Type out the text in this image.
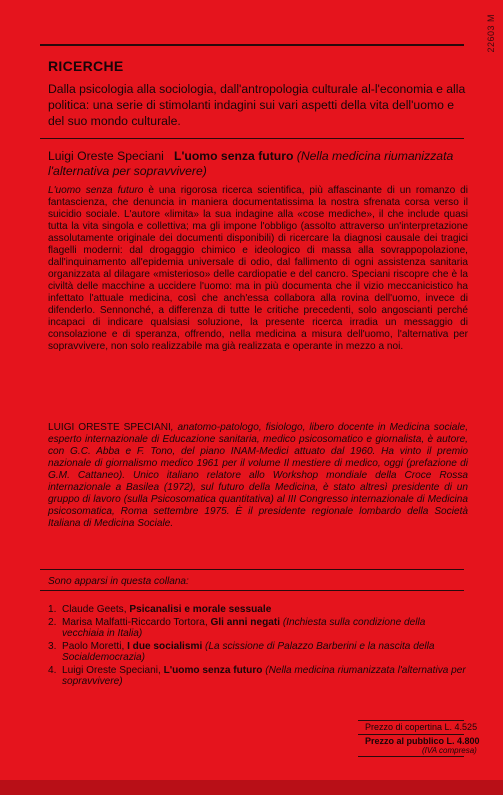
22603 M
RICERCHE
Dalla psicologia alla sociologia, dall'antropologia culturale al-l'economia e alla politica: una serie di stimolanti indagini sui vari aspetti della vita dell'uomo e del suo mondo culturale.
Luigi Oreste Speciani L'uomo senza futuro (Nella medicina riumanizzata l'alternativa per sopravvivere)
L'uomo senza futuro è una rigorosa ricerca scientifica, più affascinante di un romanzo di fantascienza, che denuncia in maniera documentatissima la nostra sfrenata corsa verso il suicidio sociale. L'autore «limita» la sua indagine alla «cose mediche», il che include quasi tutta la vita singola e collettiva; ma gli impone l'obbligo (assolto attraverso un'interpretazione assolutamente originale dei documenti disponibili) di ricercare la diagnosi causale dei tragici flagelli moderni: dal drogaggio chimico e ideologico di massa alla sovrappopolazione, dall'inquinamento all'epidemia universale di odio, dal fallimento di ogni assistenza sanitaria organizzata al dilagare «misterioso» delle cardiopatie e del cancro. Speciani riscopre che è la civiltà delle macchine a uccidere l'uomo: ma in più documenta che il vizio meccanicistico ha infettato l'attuale medicina, così che anch'essa collabora alla rovina dell'uomo, invece di difenderlo. Sennonché, a differenza di tutte le critiche precedenti, solo angoscianti perché incapaci di indicare qualsiasi soluzione, la presente ricerca irradia un messaggio di consolazione e di speranza, offrendo, nella medicina a misura dell'uomo, l'alternativa per sopravvivere, non solo realizzabile ma già realizzata e operante in mezzo a noi.
LUIGI ORESTE SPECIANI, anatomo-patologo, fisiologo, libero docente in Medicina sociale, esperto internazionale di Educazione sanitaria, medico psicosomatico e giornalista, è autore, con G.C. Abba e F. Tono, del piano INAM-Medici attuato dal 1960. Ha vinto il premio nazionale di giornalismo medico 1961 per il volume Il mestiere di medico, oggi (prefazione di G.M. Cattaneo). Unico italiano relatore allo Workshop mondiale della Croce Rossa internazionale a Basilea (1972), sul futuro della Medicina, è stato altresì presidente di un gruppo di lavoro (sulla Psicosomatica quantitativa) al III Congresso internazionale di Medicina psicosomatica, Roma settembre 1975. È il presidente regionale lombardo della Società Italiana di Medicina Sociale.
Sono apparsi in questa collana:
1. Claude Geets, Psicanalisi e morale sessuale
2. Marisa Malfatti-Riccardo Tortora, Gli anni negati (Inchiesta sulla condizione della vecchiaia in Italia)
3. Paolo Moretti, I due socialismi (La scissione di Palazzo Barberini e la nascita della Socialdemocrazia)
4. Luigi Oreste Speciani, L'uomo senza futuro (Nella medicina riumanizzata l'alternativa per sopravvivere)
Prezzo di copertina L. 4.525
Prezzo al pubblico L. 4.800
(IVA compresa)
